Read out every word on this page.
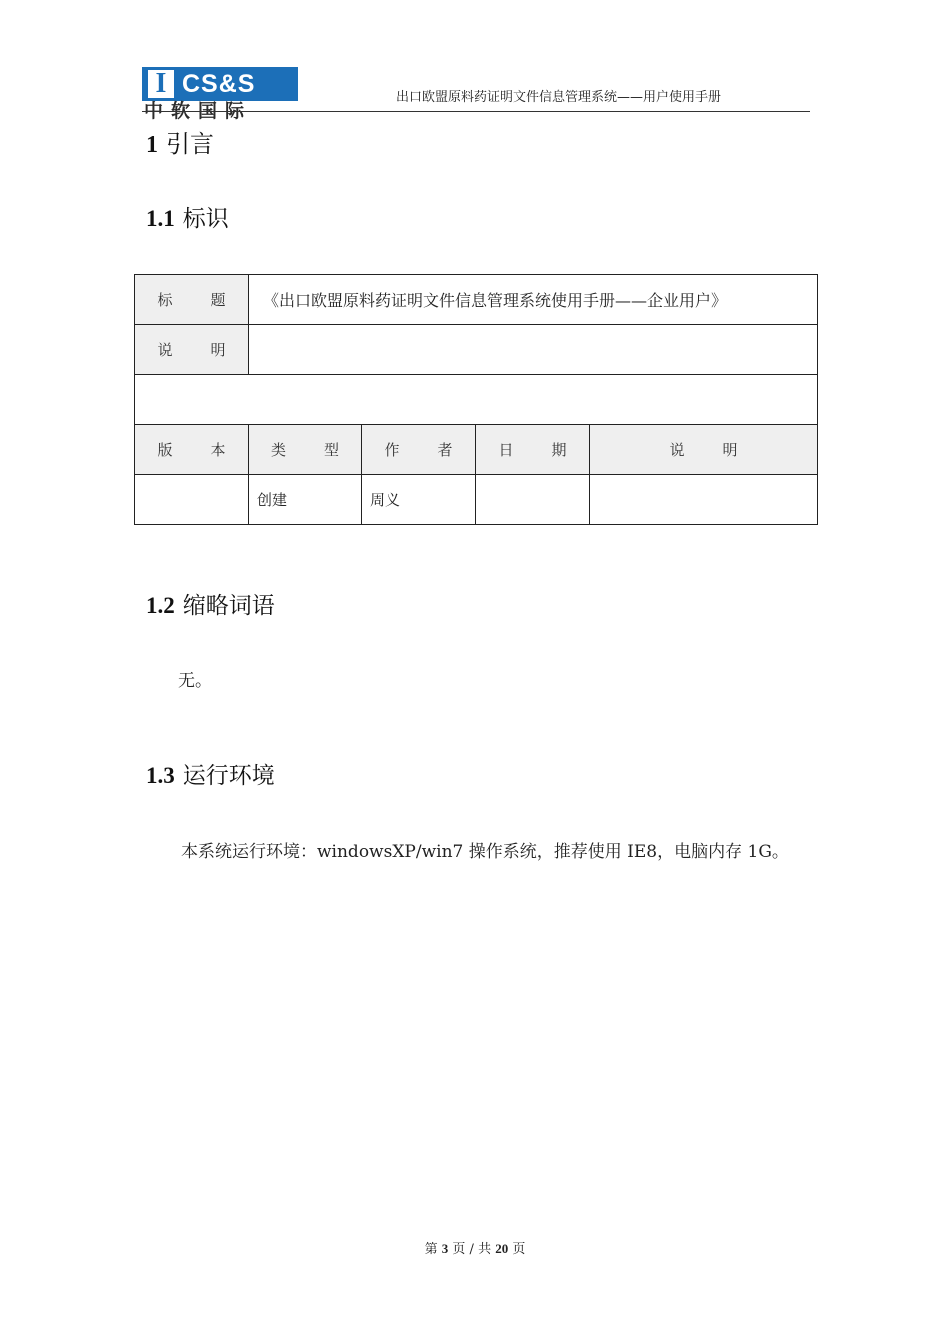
I CS&S
中软国际
出口欧盟原料药证明文件信息管理系统——用户使用手册
1 引言
1.1 标识
标 题	《出口欧盟原料药证明文件信息管理系统使用手册——企业用户》			
说 明				

版 本	类 型	作 者	日 期	说 明
	创建	周义		
1.2 缩略词语
无。
1.3 运行环境
本系统运行环境：windowsXP/win7 操作系统，推荐使用 IE8，电脑内存 1G。
第 3 页 / 共 20 页
